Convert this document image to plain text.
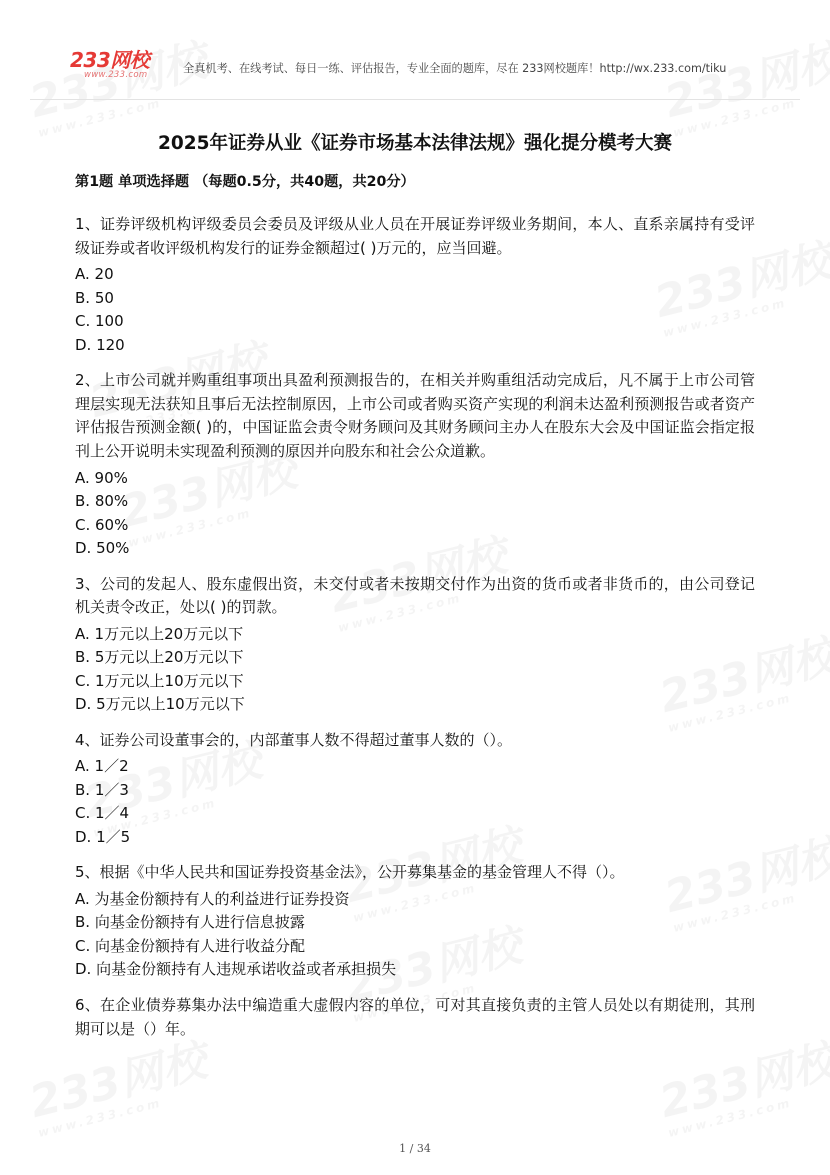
233网校
www.233.com	全真机考、在线考试、每日一练、评估报告，专业全面的题库，尽在 233网校题库！http://wx.233.com/tiku
2025年证券从业《证券市场基本法律法规》强化提分模考大赛
第1题 单项选择题 （每题0.5分，共40题，共20分）

1、证券评级机构评级委员会委员及评级从业人员在开展证券评级业务期间，本人、直系亲属持有受评级证券或者收评级机构发行的证券金额超过( )万元的，应当回避。

A. 20

B. 50

C. 100

D. 120

2、上市公司就并购重组事项出具盈利预测报告的，在相关并购重组活动完成后，凡不属于上市公司管理层实现无法获知且事后无法控制原因，上市公司或者购买资产实现的利润未达盈利预测报告或者资产评估报告预测金额( )的，中国证监会责令财务顾问及其财务顾问主办人在股东大会及中国证监会指定报刊上公开说明未实现盈利预测的原因并向股东和社会公众道歉。

A. 90%

B. 80%

C. 60%

D. 50%

3、公司的发起人、股东虚假出资，未交付或者未按期交付作为出资的货币或者非货币的，由公司登记机关责令改正，处以( )的罚款。

A. 1万元以上20万元以下

B. 5万元以上20万元以下

C. 1万元以上10万元以下

D. 5万元以上10万元以下

4、证券公司设董事会的，内部董事人数不得超过董事人数的（）。

A. 1／2

B. 1／3

C. 1／4

D. 1／5

5、根据《中华人民共和国证券投资基金法》，公开募集基金的基金管理人不得（）。

A. 为基金份额持有人的利益进行证券投资

B. 向基金份额持有人进行信息披露

C. 向基金份额持有人进行收益分配

D. 向基金份额持有人违规承诺收益或者承担损失

6、在企业债券募集办法中编造重大虚假内容的单位，可对其直接负责的主管人员处以有期徒刑，其刑期可以是（）年。

1 / 34
